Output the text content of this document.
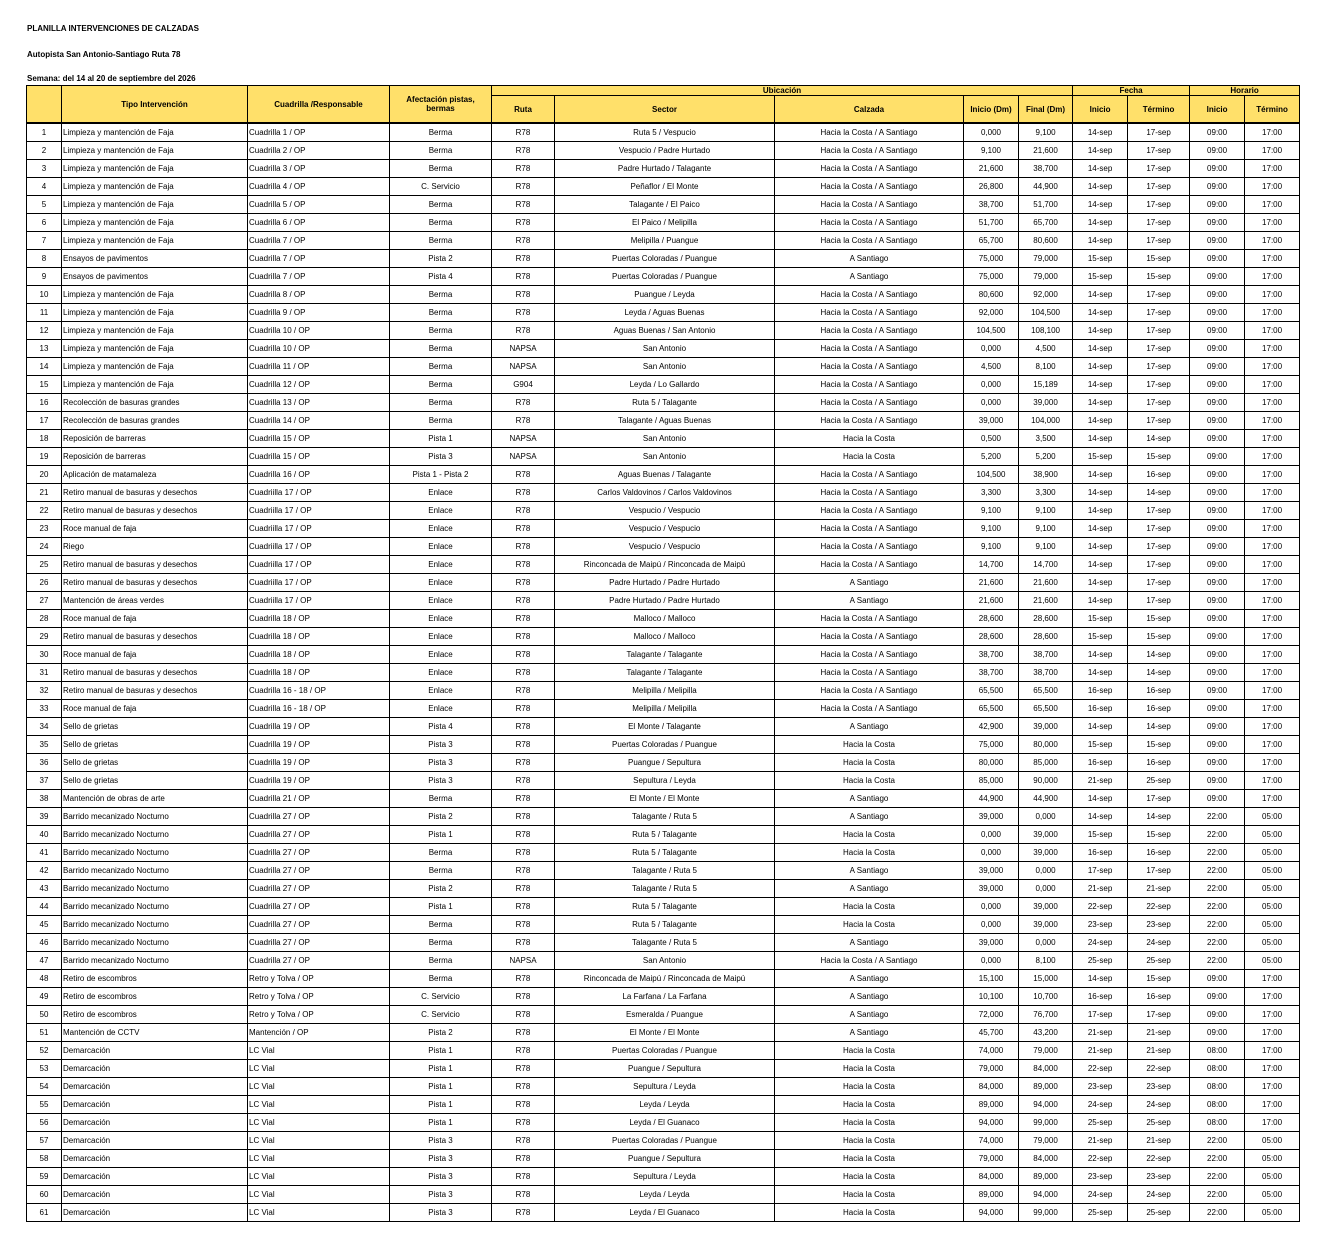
PLANILLA INTERVENCIONES DE CALZADAS
Autopista San Antonio-Santiago Ruta 78
Semana: del 14 al 20 de septiembre del 2026
	Tipo Intervención	Cuadrilla /Responsable	Afectación pistas, bermas	Ubicación					Fecha		Horario	
				Ruta	Sector	Calzada	Inicio (Dm)	Final (Dm)	Inicio	Término	Inicio	Término
1	Limpieza y mantención de Faja	Cuadrilla 1 / OP	Berma	R78	Ruta 5 / Vespucio	Hacia la Costa / A Santiago	0,000	9,100	14-sep	17-sep	09:00	17:00
2	Limpieza y mantención de Faja	Cuadrilla 2 / OP	Berma	R78	Vespucio / Padre Hurtado	Hacia la Costa / A Santiago	9,100	21,600	14-sep	17-sep	09:00	17:00
3	Limpieza y mantención de Faja	Cuadrilla 3 / OP	Berma	R78	Padre Hurtado / Talagante	Hacia la Costa / A Santiago	21,600	38,700	14-sep	17-sep	09:00	17:00
4	Limpieza y mantención de Faja	Cuadrilla 4 / OP	C. Servicio	R78	Peñaflor / El Monte	Hacia la Costa / A Santiago	26,800	44,900	14-sep	17-sep	09:00	17:00
5	Limpieza y mantención de Faja	Cuadrilla 5 / OP	Berma	R78	Talagante / El Paico	Hacia la Costa / A Santiago	38,700	51,700	14-sep	17-sep	09:00	17:00
6	Limpieza y mantención de Faja	Cuadrilla 6 / OP	Berma	R78	El Paico / Melipilla	Hacia la Costa / A Santiago	51,700	65,700	14-sep	17-sep	09:00	17:00
7	Limpieza y mantención de Faja	Cuadrilla 7 / OP	Berma	R78	Melipilla / Puangue	Hacia la Costa / A Santiago	65,700	80,600	14-sep	17-sep	09:00	17:00
8	Ensayos de pavimentos	Cuadrilla 7 / OP	Pista 2	R78	Puertas Coloradas / Puangue	A Santiago	75,000	79,000	15-sep	15-sep	09:00	17:00
9	Ensayos de pavimentos	Cuadrilla 7 / OP	Pista 4	R78	Puertas Coloradas / Puangue	A Santiago	75,000	79,000	15-sep	15-sep	09:00	17:00
10	Limpieza y mantención de Faja	Cuadrilla 8 / OP	Berma	R78	Puangue / Leyda	Hacia la Costa / A Santiago	80,600	92,000	14-sep	17-sep	09:00	17:00
11	Limpieza y mantención de Faja	Cuadrilla 9 / OP	Berma	R78	Leyda / Aguas Buenas	Hacia la Costa / A Santiago	92,000	104,500	14-sep	17-sep	09:00	17:00
12	Limpieza y mantención de Faja	Cuadrilla 10 / OP	Berma	R78	Aguas Buenas / San Antonio	Hacia la Costa / A Santiago	104,500	108,100	14-sep	17-sep	09:00	17:00
13	Limpieza y mantención de Faja	Cuadrilla 10 / OP	Berma	NAPSA	San Antonio	Hacia la Costa / A Santiago	0,000	4,500	14-sep	17-sep	09:00	17:00
14	Limpieza y mantención de Faja	Cuadrilla 11 / OP	Berma	NAPSA	San Antonio	Hacia la Costa / A Santiago	4,500	8,100	14-sep	17-sep	09:00	17:00
15	Limpieza y mantención de Faja	Cuadrilla 12 / OP	Berma	G904	Leyda / Lo Gallardo	Hacia la Costa / A Santiago	0,000	15,189	14-sep	17-sep	09:00	17:00
16	Recolección de basuras grandes	Cuadrilla 13 / OP	Berma	R78	Ruta 5 / Talagante	Hacia la Costa / A Santiago	0,000	39,000	14-sep	17-sep	09:00	17:00
17	Recolección de basuras grandes	Cuadrilla 14 / OP	Berma	R78	Talagante / Aguas Buenas	Hacia la Costa / A Santiago	39,000	104,000	14-sep	17-sep	09:00	17:00
18	Reposición de barreras	Cuadrilla 15 / OP	Pista 1	NAPSA	San Antonio	Hacia la Costa	0,500	3,500	14-sep	14-sep	09:00	17:00
19	Reposición de barreras	Cuadrilla 15 / OP	Pista 3	NAPSA	San Antonio	Hacia la Costa	5,200	5,200	15-sep	15-sep	09:00	17:00
20	Aplicación de matamaleza	Cuadrilla 16 / OP	Pista 1 - Pista 2	R78	Aguas Buenas / Talagante	Hacia la Costa / A Santiago	104,500	38,900	14-sep	16-sep	09:00	17:00
21	Retiro manual de basuras y desechos	Cuadriilla 17 / OP	Enlace	R78	Carlos Valdovinos / Carlos Valdovinos	Hacia la Costa / A Santiago	3,300	3,300	14-sep	14-sep	09:00	17:00
22	Retiro manual de basuras y desechos	Cuadriilla 17 / OP	Enlace	R78	Vespucio / Vespucio	Hacia la Costa / A Santiago	9,100	9,100	14-sep	17-sep	09:00	17:00
23	Roce manual de faja	Cuadriilla 17 / OP	Enlace	R78	Vespucio / Vespucio	Hacia la Costa / A Santiago	9,100	9,100	14-sep	17-sep	09:00	17:00
24	Riego	Cuadriilla 17 / OP	Enlace	R78	Vespucio / Vespucio	Hacia la Costa / A Santiago	9,100	9,100	14-sep	17-sep	09:00	17:00
25	Retiro manual de basuras y desechos	Cuadriilla 17 / OP	Enlace	R78	Rinconcada de Maipú / Rinconcada de Maipú	Hacia la Costa / A Santiago	14,700	14,700	14-sep	17-sep	09:00	17:00
26	Retiro manual de basuras y desechos	Cuadriilla 17 / OP	Enlace	R78	Padre Hurtado / Padre Hurtado	A Santiago	21,600	21,600	14-sep	17-sep	09:00	17:00
27	Mantención de áreas verdes	Cuadriilla 17 / OP	Enlace	R78	Padre Hurtado / Padre Hurtado	A Santiago	21,600	21,600	14-sep	17-sep	09:00	17:00
28	Roce manual de faja	Cuadrilla 18 / OP	Enlace	R78	Malloco / Malloco	Hacia la Costa / A Santiago	28,600	28,600	15-sep	15-sep	09:00	17:00
29	Retiro manual de basuras y desechos	Cuadrilla 18 / OP	Enlace	R78	Malloco / Malloco	Hacia la Costa / A Santiago	28,600	28,600	15-sep	15-sep	09:00	17:00
30	Roce manual de faja	Cuadrilla 18 / OP	Enlace	R78	Talagante / Talagante	Hacia la Costa / A Santiago	38,700	38,700	14-sep	14-sep	09:00	17:00
31	Retiro manual de basuras y desechos	Cuadrilla 18 / OP	Enlace	R78	Talagante / Talagante	Hacia la Costa / A Santiago	38,700	38,700	14-sep	14-sep	09:00	17:00
32	Retiro manual de basuras y desechos	Cuadrilla 16 - 18 / OP	Enlace	R78	Melipilla / Melipilla	Hacia la Costa / A Santiago	65,500	65,500	16-sep	16-sep	09:00	17:00
33	Roce manual de faja	Cuadrilla 16 - 18 / OP	Enlace	R78	Melipilla / Melipilla	Hacia la Costa / A Santiago	65,500	65,500	16-sep	16-sep	09:00	17:00
34	Sello de grietas	Cuadrilla 19 / OP	Pista 4	R78	El Monte / Talagante	A Santiago	42,900	39,000	14-sep	14-sep	09:00	17:00
35	Sello de grietas	Cuadrilla 19 / OP	Pista 3	R78	Puertas Coloradas / Puangue	Hacia la Costa	75,000	80,000	15-sep	15-sep	09:00	17:00
36	Sello de grietas	Cuadrilla 19 / OP	Pista 3	R78	Puangue / Sepultura	Hacia la Costa	80,000	85,000	16-sep	16-sep	09:00	17:00
37	Sello de grietas	Cuadrilla 19 / OP	Pista 3	R78	Sepultura / Leyda	Hacia la Costa	85,000	90,000	21-sep	25-sep	09:00	17:00
38	Mantención de obras de arte	Cuadrilla 21 / OP	Berma	R78	El Monte / El Monte	A Santiago	44,900	44,900	14-sep	17-sep	09:00	17:00
39	Barrido mecanizado Nocturno	Cuadrilla 27 / OP	Pista 2	R78	Talagante / Ruta 5	A Santiago	39,000	0,000	14-sep	14-sep	22:00	05:00
40	Barrido mecanizado Nocturno	Cuadrilla 27 / OP	Pista 1	R78	Ruta 5 / Talagante	Hacia la Costa	0,000	39,000	15-sep	15-sep	22:00	05:00
41	Barrido mecanizado Nocturno	Cuadrilla 27 / OP	Berma	R78	Ruta 5 / Talagante	Hacia la Costa	0,000	39,000	16-sep	16-sep	22:00	05:00
42	Barrido mecanizado Nocturno	Cuadrilla 27 / OP	Berma	R78	Talagante / Ruta 5	A Santiago	39,000	0,000	17-sep	17-sep	22:00	05:00
43	Barrido mecanizado Nocturno	Cuadrilla 27 / OP	Pista 2	R78	Talagante / Ruta 5	A Santiago	39,000	0,000	21-sep	21-sep	22:00	05:00
44	Barrido mecanizado Nocturno	Cuadrilla 27 / OP	Pista 1	R78	Ruta 5 / Talagante	Hacia la Costa	0,000	39,000	22-sep	22-sep	22:00	05:00
45	Barrido mecanizado Nocturno	Cuadrilla 27 / OP	Berma	R78	Ruta 5 / Talagante	Hacia la Costa	0,000	39,000	23-sep	23-sep	22:00	05:00
46	Barrido mecanizado Nocturno	Cuadrilla 27 / OP	Berma	R78	Talagante / Ruta 5	A Santiago	39,000	0,000	24-sep	24-sep	22:00	05:00
47	Barrido mecanizado Nocturno	Cuadrilla 27 / OP	Berma	NAPSA	San Antonio	Hacia la Costa / A Santiago	0,000	8,100	25-sep	25-sep	22:00	05:00
48	Retiro de escombros	Retro y Tolva / OP	Berma	R78	Rinconcada de Maipú / Rinconcada de Maipú	A Santiago	15,100	15,000	14-sep	15-sep	09:00	17:00
49	Retiro de escombros	Retro y Tolva / OP	C. Servicio	R78	La Farfana / La Farfana	A Santiago	10,100	10,700	16-sep	16-sep	09:00	17:00
50	Retiro de escombros	Retro y Tolva / OP	C. Servicio	R78	Esmeralda / Puangue	A Santiago	72,000	76,700	17-sep	17-sep	09:00	17:00
51	Mantención de CCTV	Mantención / OP	Pista 2	R78	El Monte / El Monte	A Santiago	45,700	43,200	21-sep	21-sep	09:00	17:00
52	Demarcación	LC Vial	Pista 1	R78	Puertas Coloradas / Puangue	Hacia la Costa	74,000	79,000	21-sep	21-sep	08:00	17:00
53	Demarcación	LC Vial	Pista 1	R78	Puangue / Sepultura	Hacia la Costa	79,000	84,000	22-sep	22-sep	08:00	17:00
54	Demarcación	LC Vial	Pista 1	R78	Sepultura / Leyda	Hacia la Costa	84,000	89,000	23-sep	23-sep	08:00	17:00
55	Demarcación	LC Vial	Pista 1	R78	Leyda / Leyda	Hacia la Costa	89,000	94,000	24-sep	24-sep	08:00	17:00
56	Demarcación	LC Vial	Pista 1	R78	Leyda / El Guanaco	Hacia la Costa	94,000	99,000	25-sep	25-sep	08:00	17:00
57	Demarcación	LC Vial	Pista 3	R78	Puertas Coloradas / Puangue	Hacia la Costa	74,000	79,000	21-sep	21-sep	22:00	05:00
58	Demarcación	LC Vial	Pista 3	R78	Puangue / Sepultura	Hacia la Costa	79,000	84,000	22-sep	22-sep	22:00	05:00
59	Demarcación	LC Vial	Pista 3	R78	Sepultura / Leyda	Hacia la Costa	84,000	89,000	23-sep	23-sep	22:00	05:00
60	Demarcación	LC Vial	Pista 3	R78	Leyda / Leyda	Hacia la Costa	89,000	94,000	24-sep	24-sep	22:00	05:00
61	Demarcación	LC Vial	Pista 3	R78	Leyda / El Guanaco	Hacia la Costa	94,000	99,000	25-sep	25-sep	22:00	05:00
